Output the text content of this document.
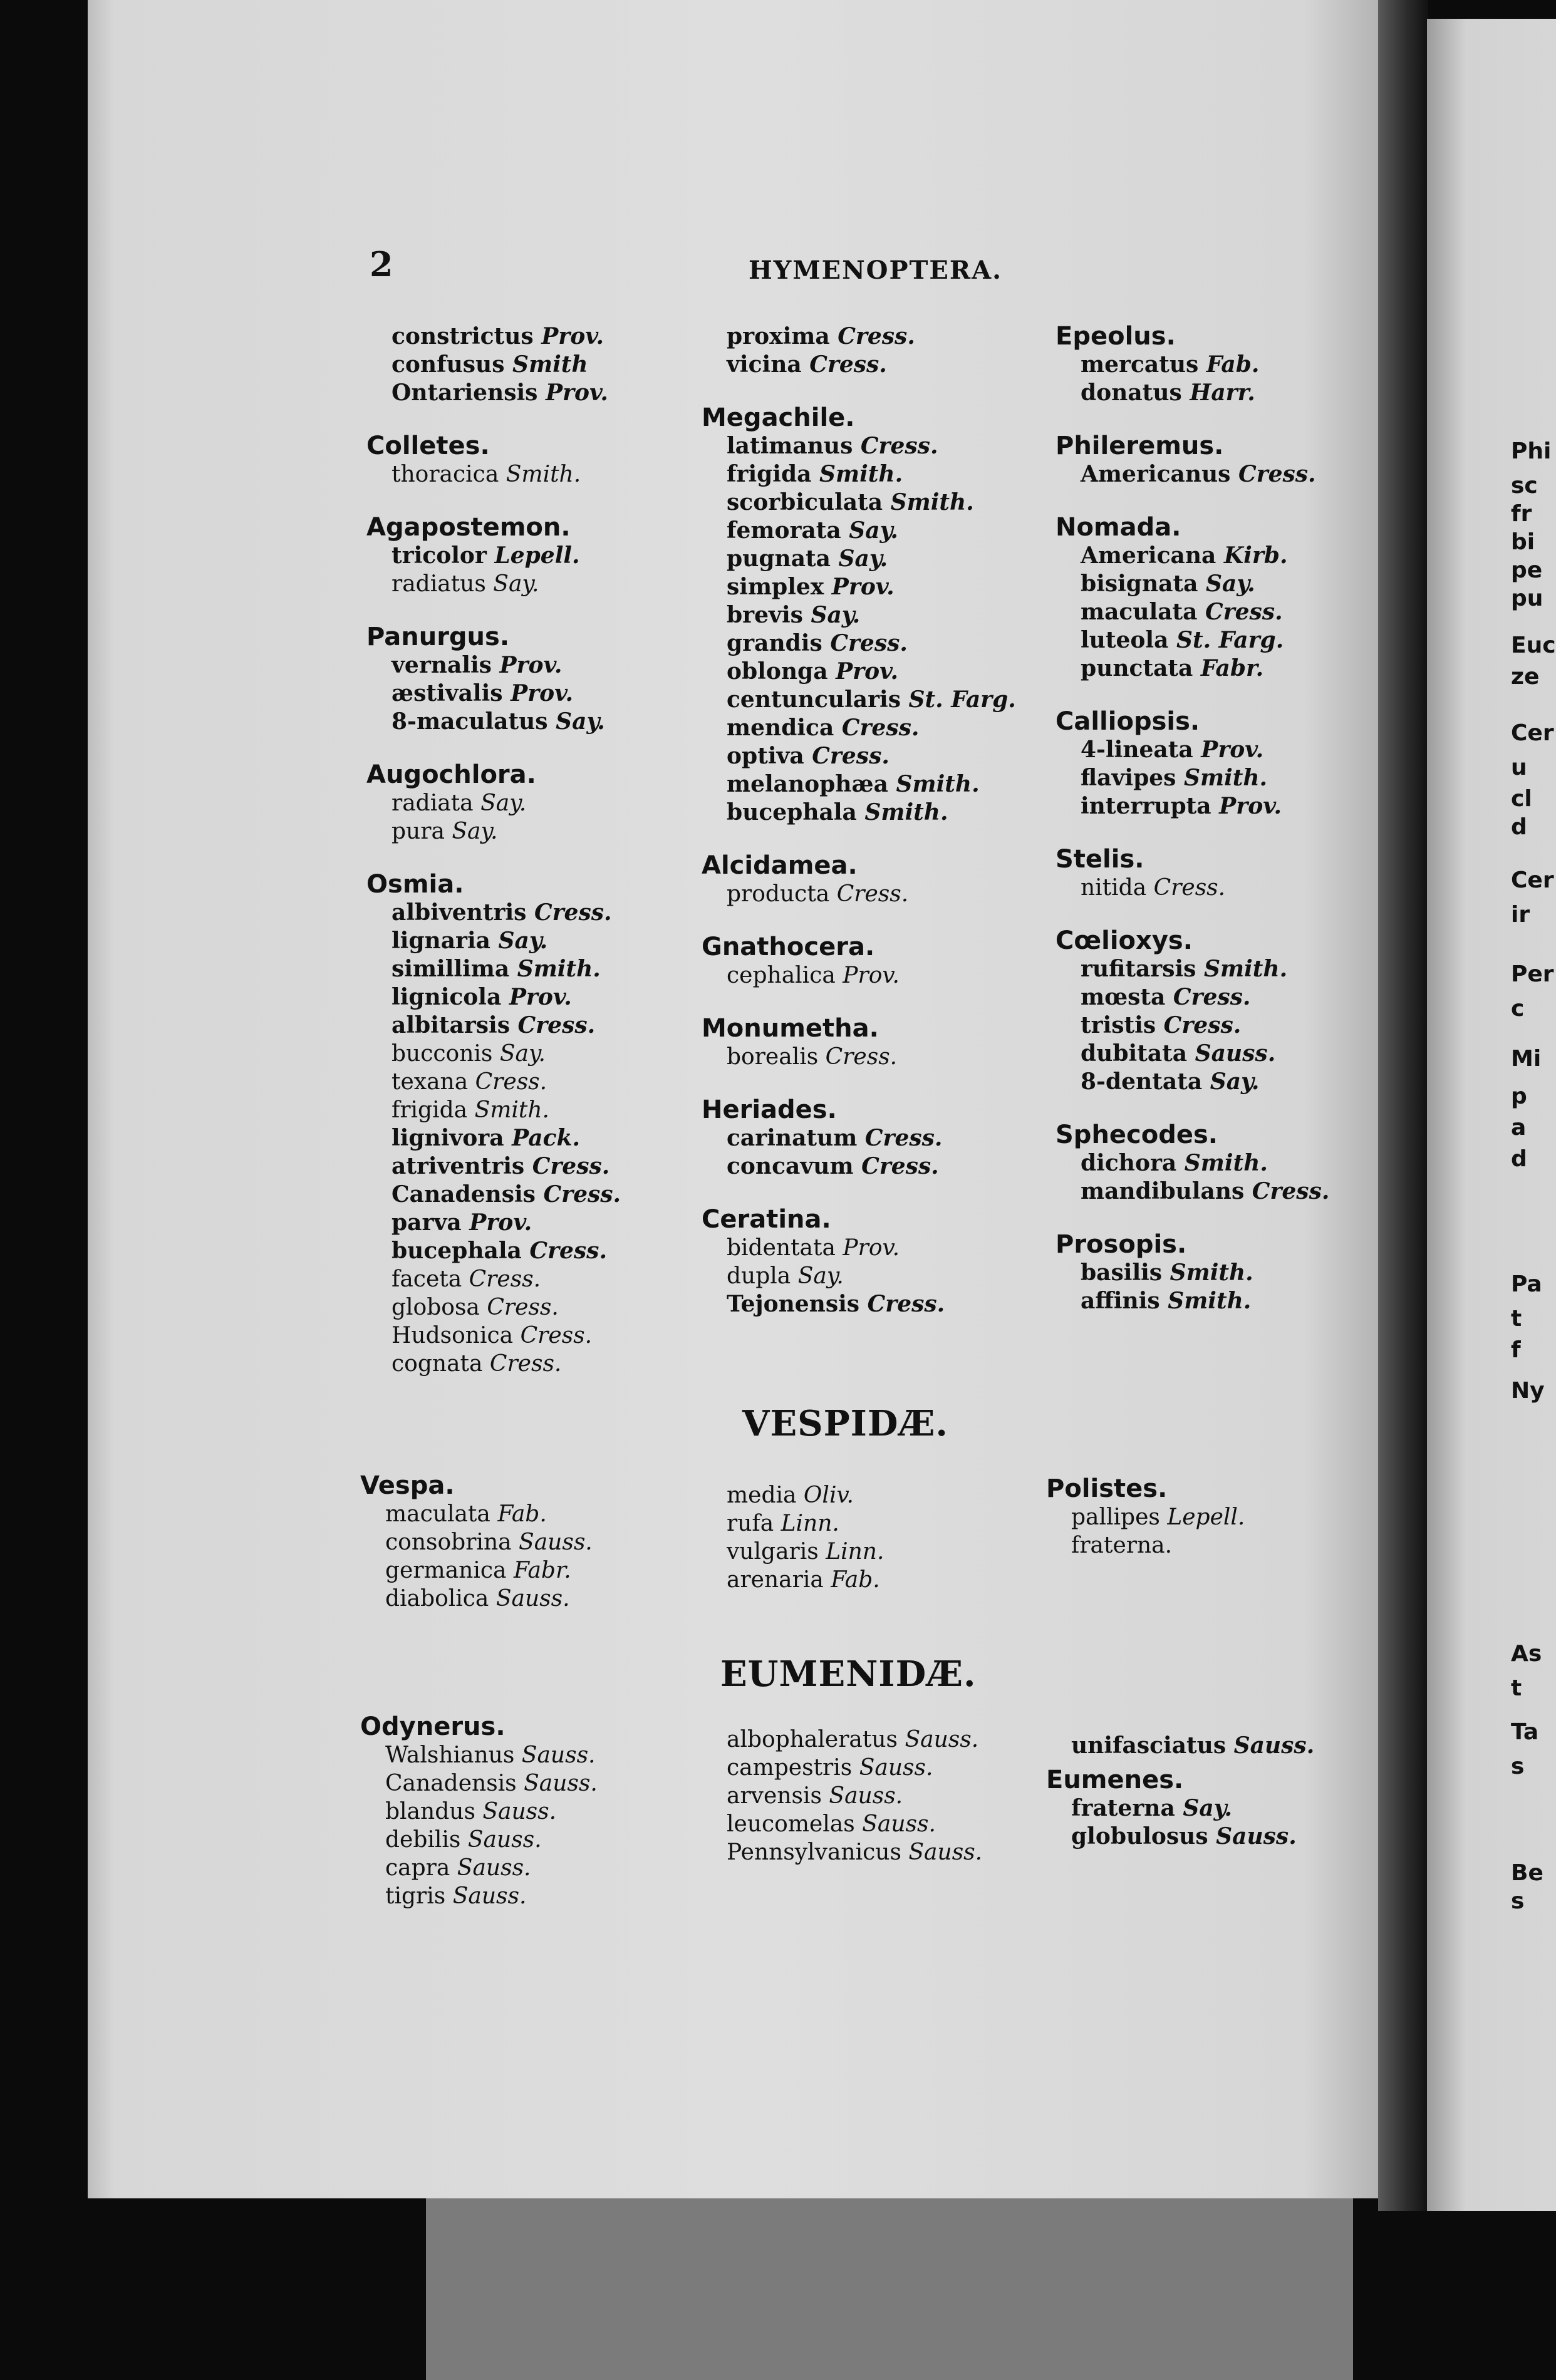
2	HYMENOPTERA.
constrictus Prov.
confusus Smith
Ontariensis Prov.
Colletes.
thoracica Smith.
Agapostemon.
tricolor Lepell.
radiatus Say.
Panurgus.
vernalis Prov.
æstivalis Prov.
8-maculatus Say.
Augochlora.
radiata Say.
pura Say.
Osmia.
albiventris Cress.
lignaria Say.
simillima Smith.
lignicola Prov.
albitarsis Cress.
bucconis Say.
texana Cress.
frigida Smith.
lignivora Pack.
atriventris Cress.
Canadensis Cress.
parva Prov.
bucephala Cress.
faceta Cress.
globosa Cress.
Hudsonica Cress.
cognata Cress.
proxima Cress.
vicina Cress.
Megachile.
latimanus Cress.
frigida Smith.
scorbiculata Smith.
femorata Say.
pugnata Say.
simplex Prov.
brevis Say.
grandis Cress.
oblonga Prov.
centuncularis St. Farg.
mendica Cress.
optiva Cress.
melanophæa Smith.
bucephala Smith.
Alcidamea.
producta Cress.
Gnathocera.
cephalica Prov.
Monumetha.
borealis Cress.
Heriades.
carinatum Cress.
concavum Cress.
Ceratina.
bidentata Prov.
dupla Say.
Tejonensis Cress.
Epeolus.
mercatus Fab.
donatus Harr.
Phileremus.
Americanus Cress.
Nomada.
Americana Kirb.
bisignata Say.
maculata Cress.
luteola St. Farg.
punctata Fabr.
Calliopsis.
4-lineata Prov.
flavipes Smith.
interrupta Prov.
Stelis.
nitida Cress.
Cœlioxys.
rufitarsis Smith.
mœsta Cress.
tristis Cress.
dubitata Sauss.
8-dentata Say.
Sphecodes.
dichora Smith.
mandibulans Cress.
Prosopis.
basilis Smith.
affinis Smith.
VESPIDÆ.
Vespa.
maculata Fab.
consobrina Sauss.
germanica Fabr.
diabolica Sauss.
media Oliv.
rufa Linn.
vulgaris Linn.
arenaria Fab.
Polistes.
pallipes Lepell.
fraterna.
EUMENIDÆ.
Odynerus.
Walshianus Sauss.
Canadensis Sauss.
blandus Sauss.
debilis Sauss.
capra Sauss.
tigris Sauss.
albophaleratus Sauss.
campestris Sauss.
arvensis Sauss.
leucomelas Sauss.
Pennsylvanicus Sauss.
unifasciatus Sauss.
Eumenes.
fraterna Say.
globulosus Sauss.
Phi
sc
fr
bi
pe
pu
Euc
ze
Cer
u
cl
d
Cer
ir
Per
c
Mi
p
a
d
Pa
t
f
Ny
As
t
Ta
s
Be
s
